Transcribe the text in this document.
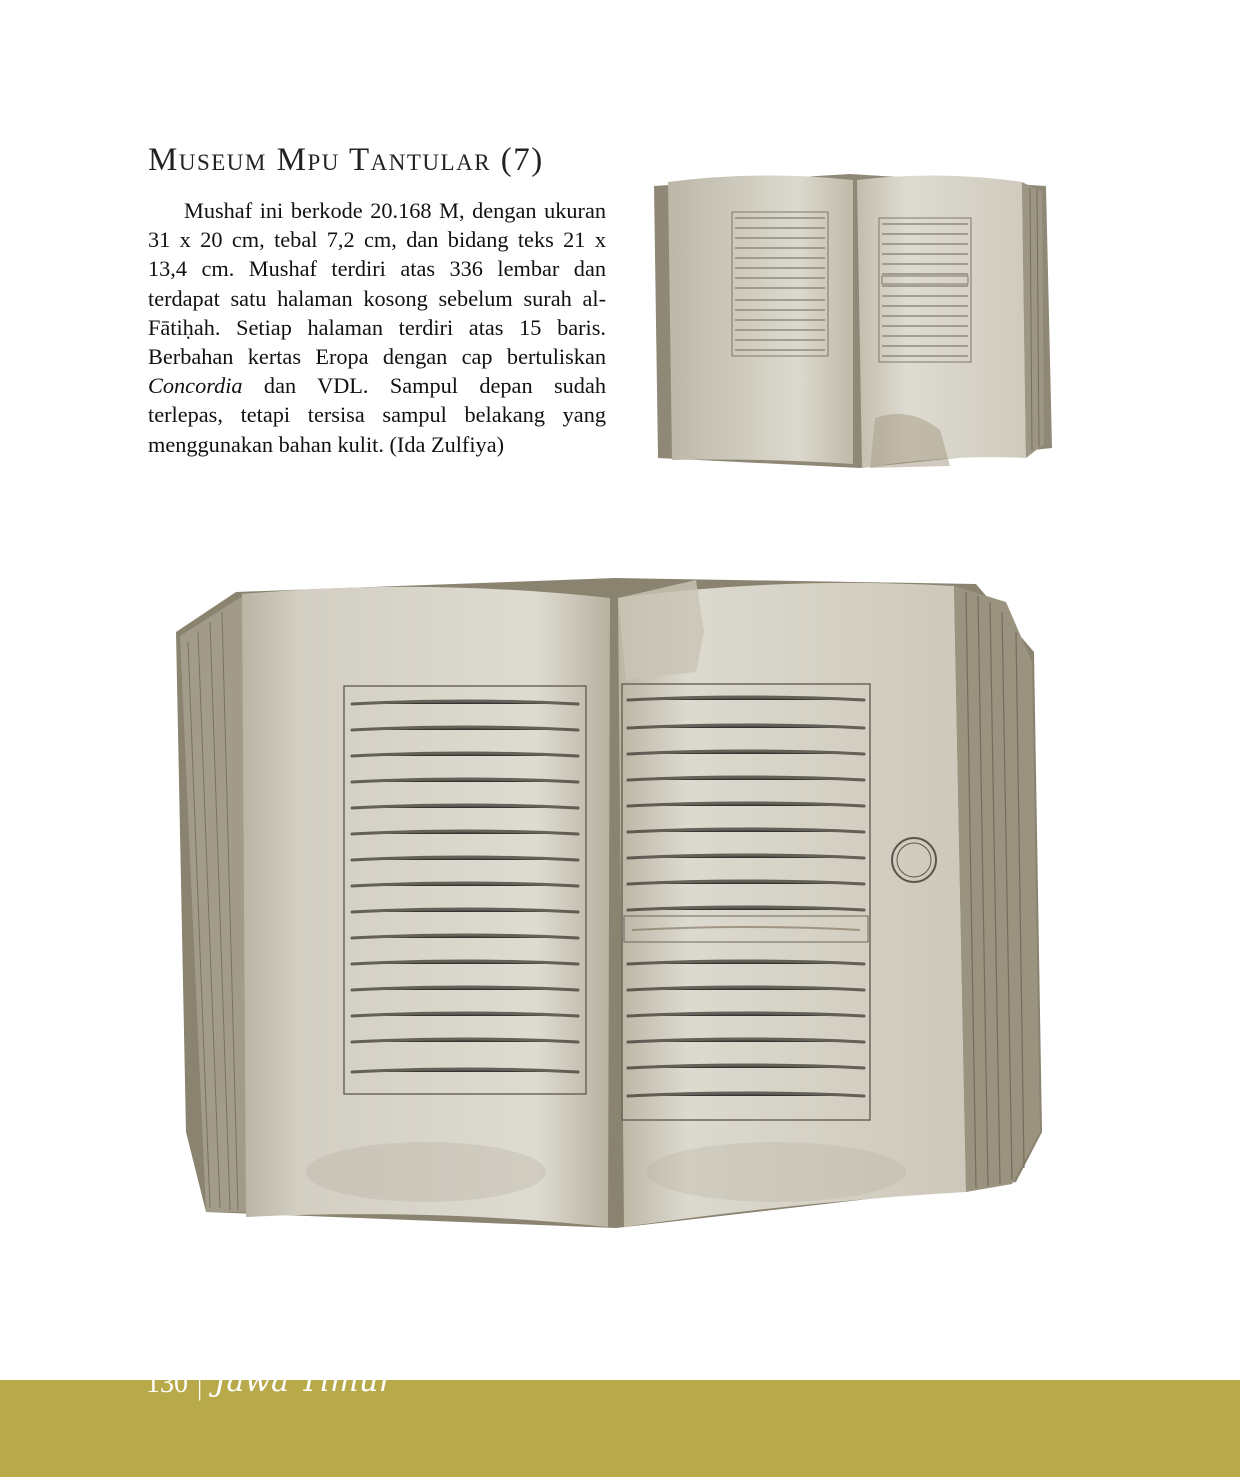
Museum Mpu Tantular (7)

Mushaf ini berkode 20.168 M, dengan ukuran 31 x 20 cm, tebal 7,2 cm, dan bidang teks 21 x 13,4 cm. Mushaf terdiri atas 336 lembar dan terdapat satu halaman kosong sebelum surah al-Fātiḥah. Setiap halaman terdiri atas 15 baris. Berbahan kertas Eropa dengan cap bertuliskan Concordia dan VDL. Sampul depan sudah terlepas, tetapi tersisa sampul belakang yang menggunakan bahan kulit. (Ida Zulfiya)

130 | Jawa Timur
